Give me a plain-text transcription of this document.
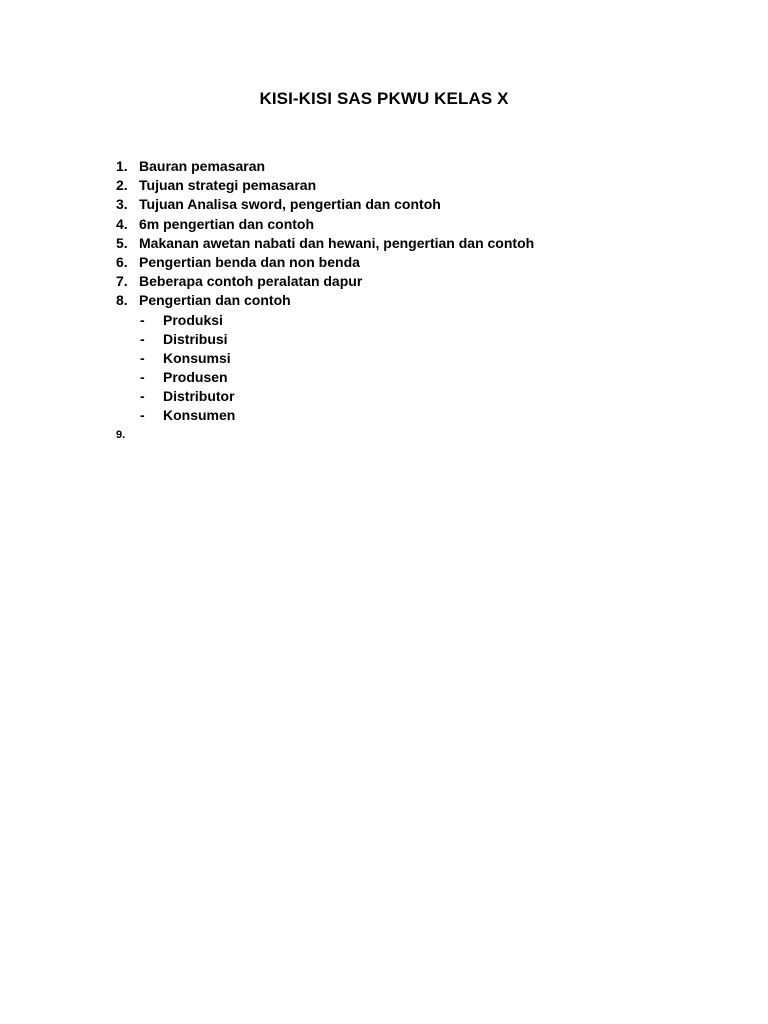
KISI-KISI SAS PKWU KELAS X
1. Bauran pemasaran
2. Tujuan strategi pemasaran
3. Tujuan Analisa sword, pengertian dan contoh
4. 6m pengertian dan contoh
5. Makanan awetan nabati dan hewani, pengertian dan contoh
6. Pengertian benda dan non benda
7. Beberapa contoh peralatan dapur
8. Pengertian dan contoh
- Produksi
- Distribusi
- Konsumsi
- Produsen
- Distributor
- Konsumen
9.
